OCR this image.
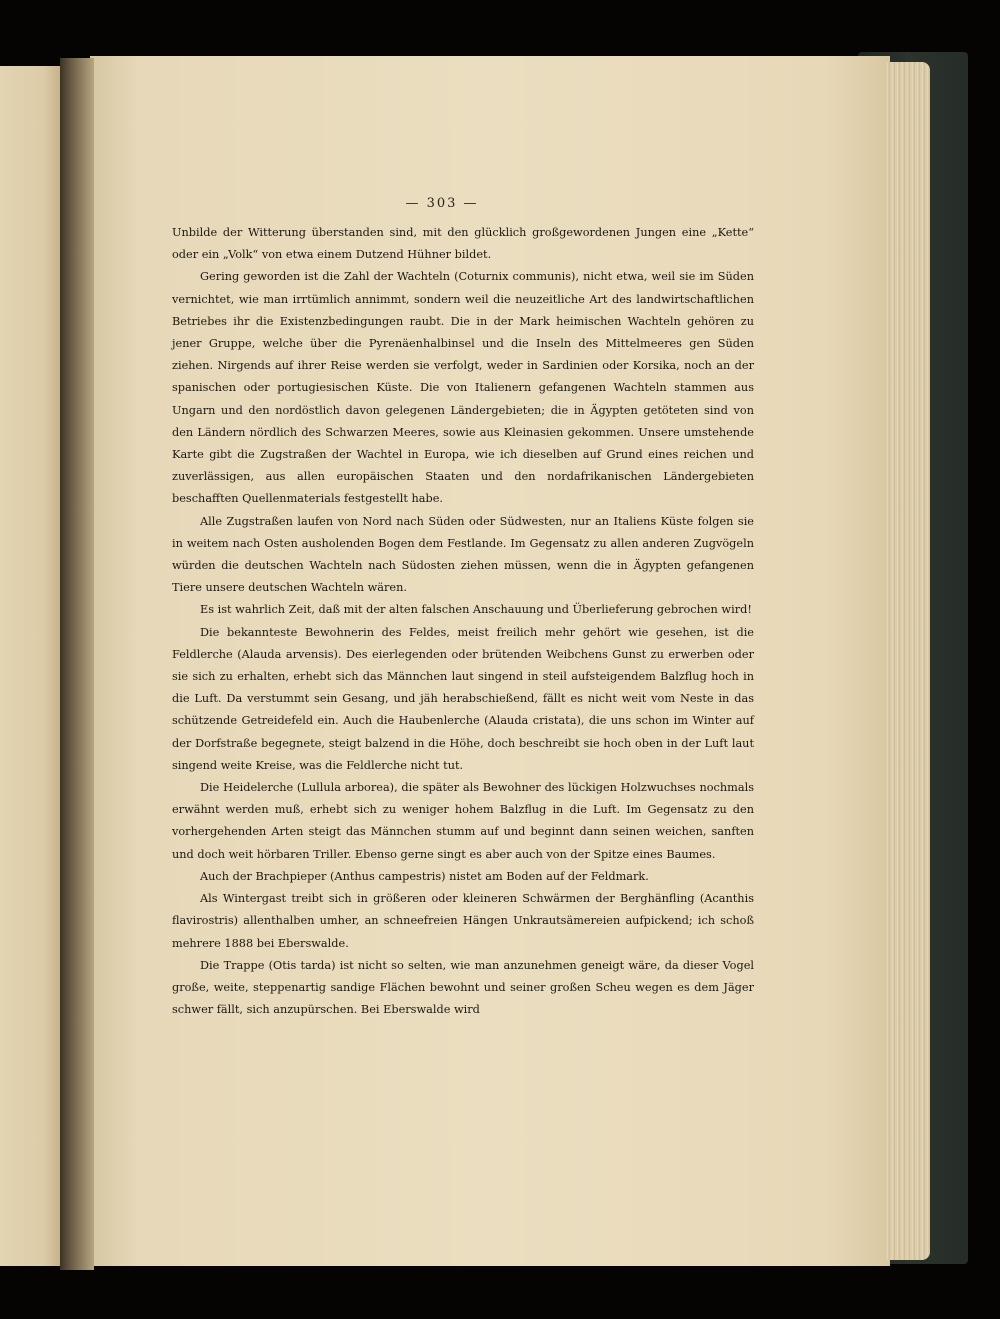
— 303 —

Unbilde der Witterung überstanden sind, mit den glücklich großgewordenen Jungen eine „Kette“ oder ein „Volk“ von etwa einem Dutzend Hühner bildet.

Gering geworden ist die Zahl der Wachteln (Coturnix communis), nicht etwa, weil sie im Süden vernichtet, wie man irrtümlich annimmt, sondern weil die neuzeitliche Art des landwirtschaftlichen Betriebes ihr die Existenzbedingungen raubt. Die in der Mark heimischen Wachteln gehören zu jener Gruppe, welche über die Pyrenäenhalbinsel und die Inseln des Mittelmeeres gen Süden ziehen. Nirgends auf ihrer Reise werden sie verfolgt, weder in Sardinien oder Korsika, noch an der spanischen oder portugiesischen Küste. Die von Italienern gefangenen Wachteln stammen aus Ungarn und den nordöstlich davon gelegenen Ländergebieten; die in Ägypten getöteten sind von den Ländern nördlich des Schwarzen Meeres, sowie aus Kleinasien gekommen. Unsere umstehende Karte gibt die Zugstraßen der Wachtel in Europa, wie ich dieselben auf Grund eines reichen und zuverlässigen, aus allen europäischen Staaten und den nordafrikanischen Ländergebieten beschafften Quellenmaterials festgestellt habe.

Alle Zugstraßen laufen von Nord nach Süden oder Südwesten, nur an Italiens Küste folgen sie in weitem nach Osten ausholenden Bogen dem Festlande. Im Gegensatz zu allen anderen Zugvögeln würden die deutschen Wachteln nach Südosten ziehen müssen, wenn die in Ägypten gefangenen Tiere unsere deutschen Wachteln wären.

Es ist wahrlich Zeit, daß mit der alten falschen Anschauung und Überlieferung gebrochen wird!

Die bekannteste Bewohnerin des Feldes, meist freilich mehr gehört wie gesehen, ist die Feldlerche (Alauda arvensis). Des eierlegenden oder brütenden Weibchens Gunst zu erwerben oder sie sich zu erhalten, erhebt sich das Männchen laut singend in steil aufsteigendem Balzflug hoch in die Luft. Da verstummt sein Gesang, und jäh herabschießend, fällt es nicht weit vom Neste in das schützende Getreidefeld ein. Auch die Haubenlerche (Alauda cristata), die uns schon im Winter auf der Dorfstraße begegnete, steigt balzend in die Höhe, doch beschreibt sie hoch oben in der Luft laut singend weite Kreise, was die Feldlerche nicht tut.

Die Heidelerche (Lullula arborea), die später als Bewohner des lückigen Holzwuchses nochmals erwähnt werden muß, erhebt sich zu weniger hohem Balzflug in die Luft. Im Gegensatz zu den vorhergehenden Arten steigt das Männchen stumm auf und beginnt dann seinen weichen, sanften und doch weit hörbaren Triller. Ebenso gerne singt es aber auch von der Spitze eines Baumes.

Auch der Brachpieper (Anthus campestris) nistet am Boden auf der Feldmark.

Als Wintergast treibt sich in größeren oder kleineren Schwärmen der Berghänfling (Acanthis flavirostris) allenthalben umher, an schneefreien Hängen Unkrautsämereien aufpickend; ich schoß mehrere 1888 bei Eberswalde.

Die Trappe (Otis tarda) ist nicht so selten, wie man anzunehmen geneigt wäre, da dieser Vogel große, weite, steppenartig sandige Flächen bewohnt und seiner großen Scheu wegen es dem Jäger schwer fällt, sich anzupürschen. Bei Eberswalde wird
